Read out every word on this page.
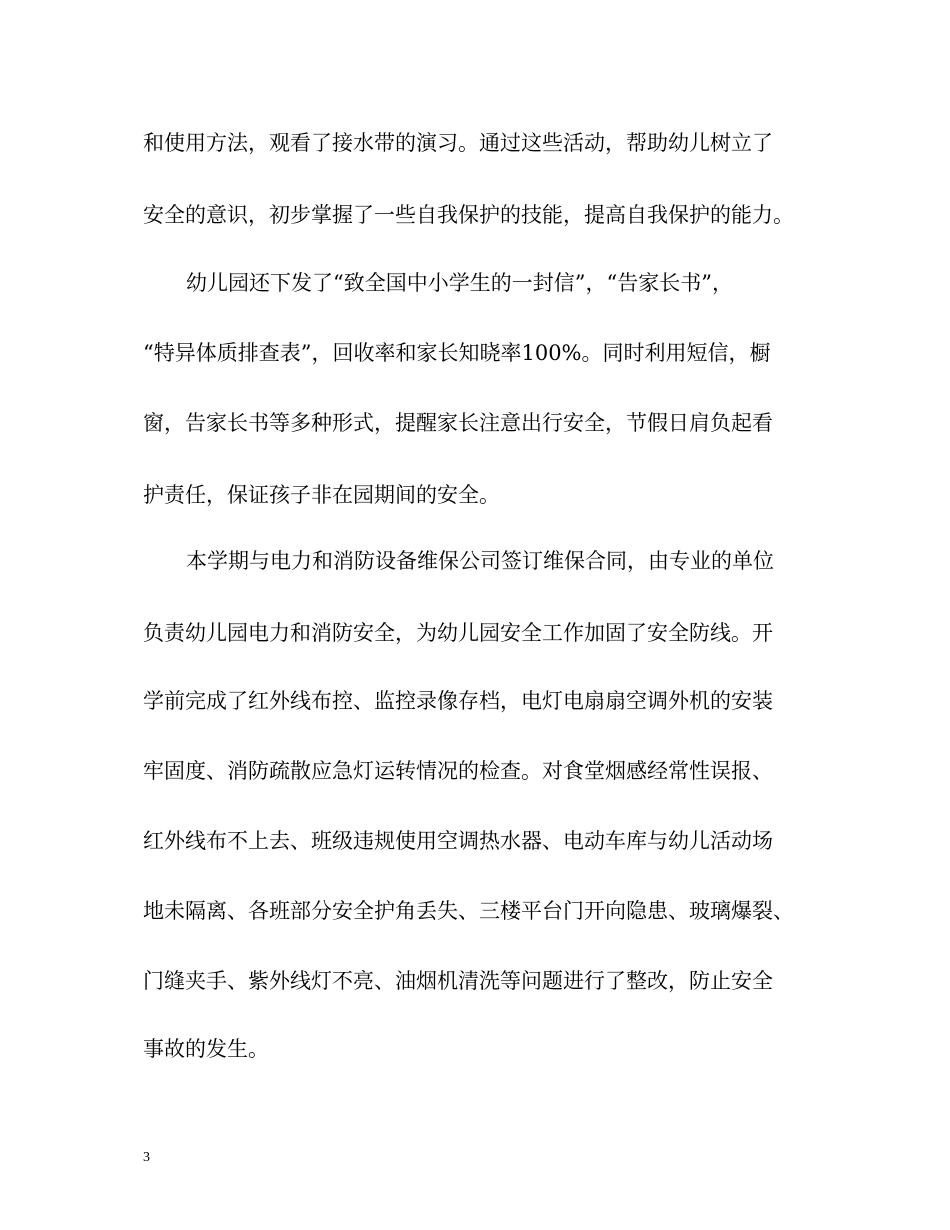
和使用方法，观看了接水带的演习。通过这些活动，帮助幼儿树立了
安全的意识，初步掌握了一些自我保护的技能，提高自我保护的能力。
幼儿园还下发了“致全国中小学生的一封信”，“告家长书”，
“特异体质排查表”，回收率和家长知晓率100%。同时利用短信，橱
窗，告家长书等多种形式，提醒家长注意出行安全，节假日肩负起看
护责任，保证孩子非在园期间的安全。
本学期与电力和消防设备维保公司签订维保合同，由专业的单位
负责幼儿园电力和消防安全，为幼儿园安全工作加固了安全防线。开
学前完成了红外线布控、监控录像存档，电灯电扇扇空调外机的安装
牢固度、消防疏散应急灯运转情况的检查。对食堂烟感经常性误报、
红外线布不上去、班级违规使用空调热水器、电动车库与幼儿活动场
地未隔离、各班部分安全护角丢失、三楼平台门开向隐患、玻璃爆裂、
门缝夹手、紫外线灯不亮、油烟机清洗等问题进行了整改，防止安全
事故的发生。
3
